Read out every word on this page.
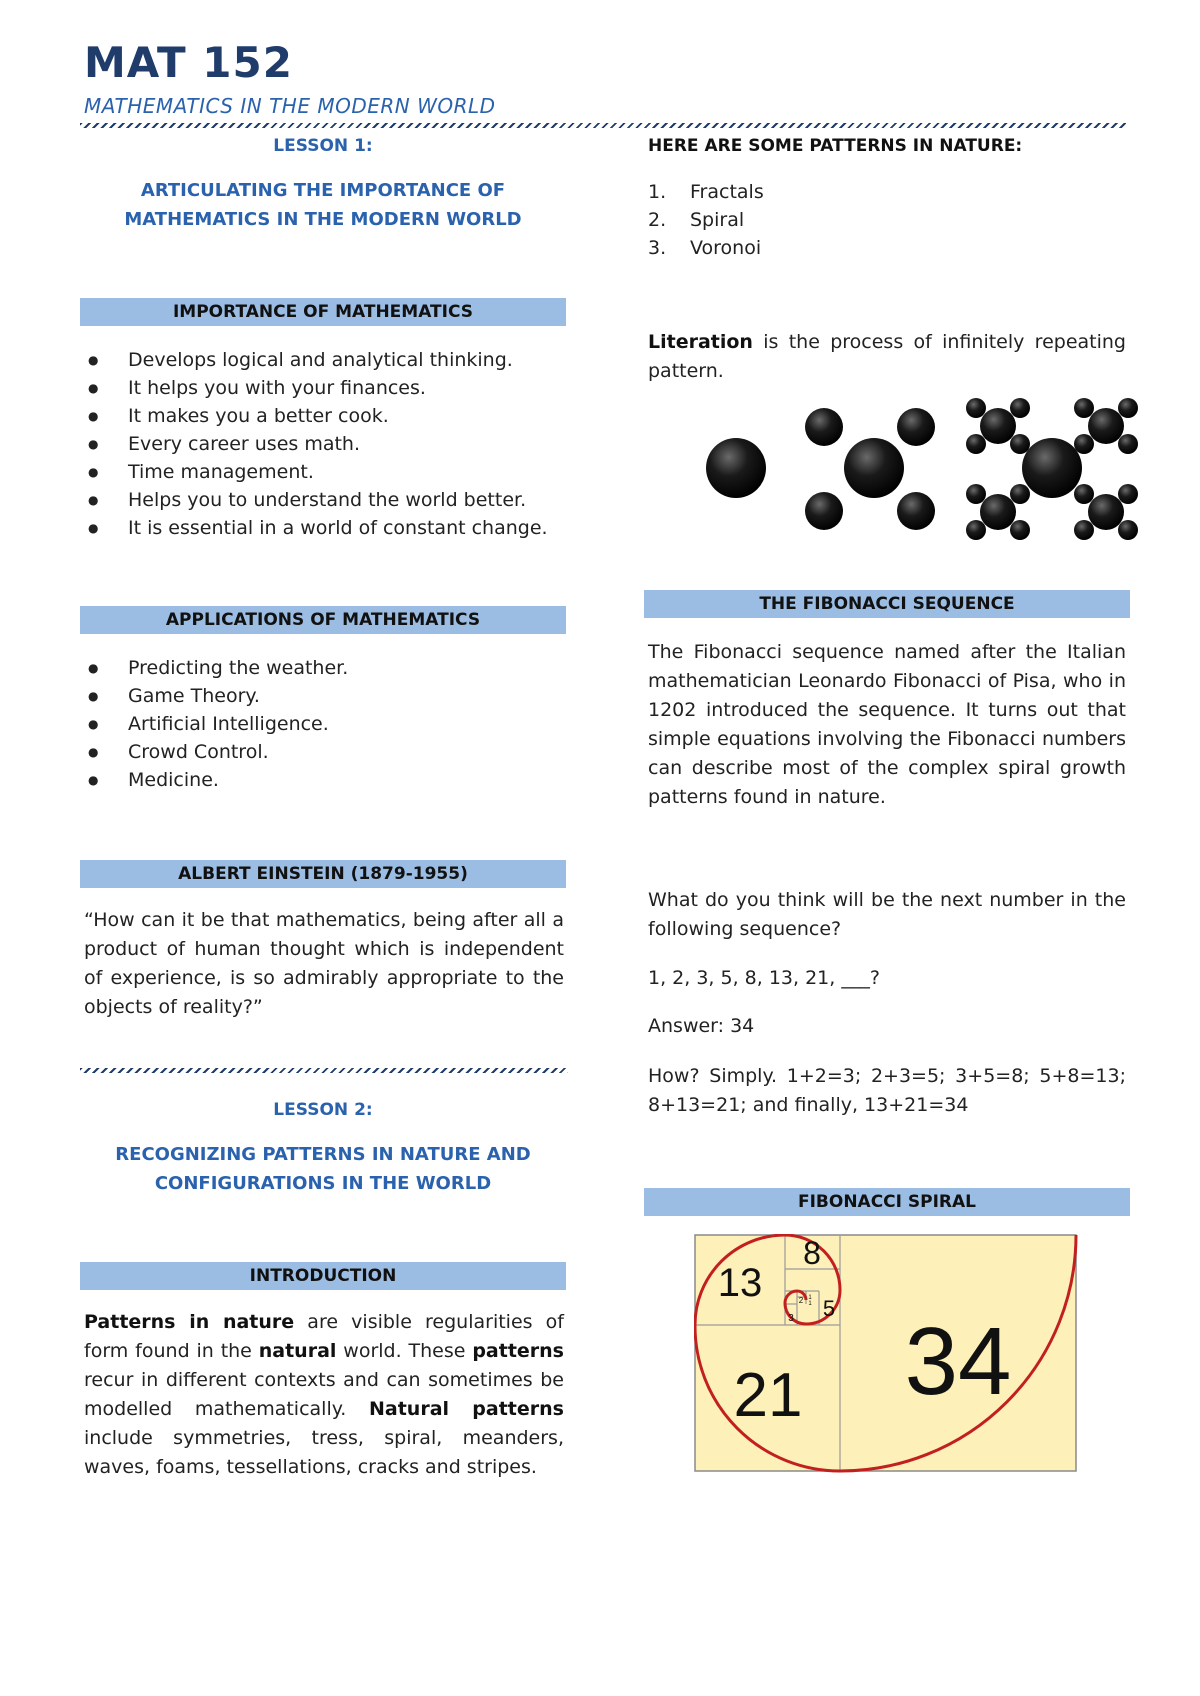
MAT 152
MATHEMATICS IN THE MODERN WORLD
LESSON 1:
ARTICULATING THE IMPORTANCE OF
MATHEMATICS IN THE MODERN WORLD
IMPORTANCE OF MATHEMATICS
● Develops logical and analytical thinking.
● It helps you with your finances.
● It makes you a better cook.
● Every career uses math.
● Time management.
● Helps you to understand the world better.
● It is essential in a world of constant change.
APPLICATIONS OF MATHEMATICS
● Predicting the weather.
● Game Theory.
● Artificial Intelligence.
● Crowd Control.
● Medicine.
ALBERT EINSTEIN (1879-1955)
“How can it be that mathematics, being after all a product of human thought which is independent of experience, is so admirably appropriate to the objects of reality?”
LESSON 2:
RECOGNIZING PATTERNS IN NATURE AND
CONFIGURATIONS IN THE WORLD
INTRODUCTION
Patterns in nature are visible regularities of form found in the natural world. These patterns recur in different contexts and can sometimes be modelled mathematically. Natural patterns include symmetries, tress, spiral, meanders, waves, foams, tessellations, cracks and stripes.
HERE ARE SOME PATTERNS IN NATURE:
1. Fractals
2. Spiral
3. Voronoi
Literation is the process of infinitely repeating pattern.
THE FIBONACCI SEQUENCE
The Fibonacci sequence named after the Italian mathematician Leonardo Fibonacci of Pisa, who in 1202 introduced the sequence. It turns out that simple equations involving the Fibonacci numbers can describe most of the complex spiral growth patterns found in nature.
What do you think will be the next number in the following sequence?
1, 2, 3, 5, 8, 13, 21, ___?
Answer: 34
How? Simply. 1+2=3; 2+3=5; 3+5=8; 5+8=13; 8+13=21; and finally, 13+21=34
FIBONACCI SPIRAL
34
21
13
8
5
3
2 1
1
